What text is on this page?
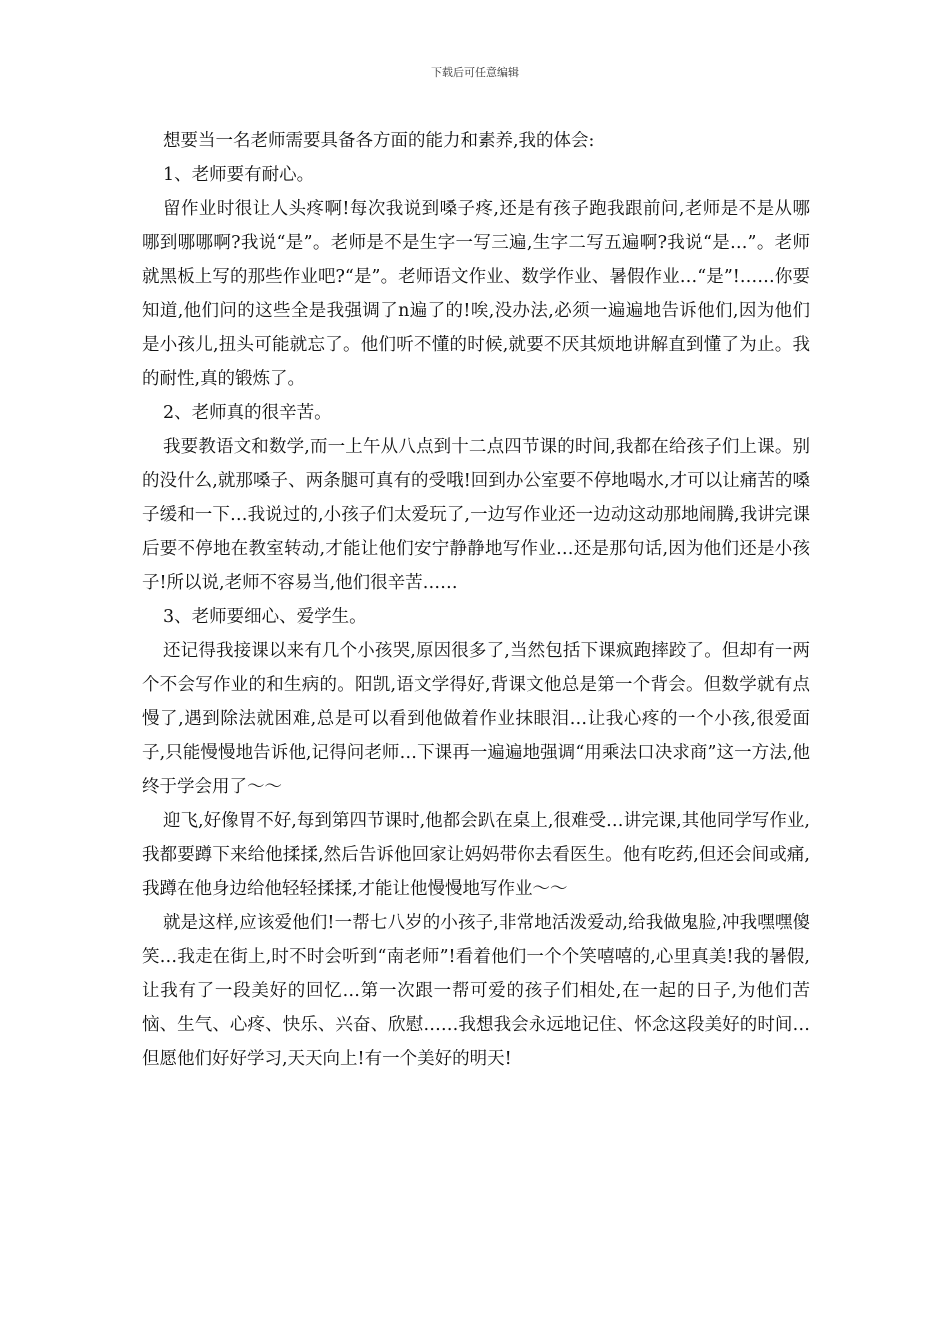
下载后可任意编辑

想要当一名老师需要具备各方面的能力和素养,我的体会:

1、老师要有耐心。

留作业时很让人头疼啊!每次我说到嗓子疼,还是有孩子跑我跟前问,老师是不是从哪哪到哪哪啊?我说“是”。老师是不是生字一写三遍,生字二写五遍啊?我说“是…”。老师就黑板上写的那些作业吧?“是”。老师语文作业、数学作业、暑假作业…“是”!……你要知道,他们问的这些全是我强调了n遍了的!唉,没办法,必须一遍遍地告诉他们,因为他们是小孩儿,扭头可能就忘了。他们听不懂的时候,就要不厌其烦地讲解直到懂了为止。我的耐性,真的锻炼了。

2、老师真的很辛苦。

我要教语文和数学,而一上午从八点到十二点四节课的时间,我都在给孩子们上课。别的没什么,就那嗓子、两条腿可真有的受哦!回到办公室要不停地喝水,才可以让痛苦的嗓子缓和一下…我说过的,小孩子们太爱玩了,一边写作业还一边动这动那地闹腾,我讲完课后要不停地在教室转动,才能让他们安宁静静地写作业…还是那句话,因为他们还是小孩子!所以说,老师不容易当,他们很辛苦……

3、老师要细心、爱学生。

还记得我接课以来有几个小孩哭,原因很多了,当然包括下课疯跑摔跤了。但却有一两个不会写作业的和生病的。阳凯,语文学得好,背课文他总是第一个背会。但数学就有点慢了,遇到除法就困难,总是可以看到他做着作业抹眼泪…让我心疼的一个小孩,很爱面子,只能慢慢地告诉他,记得问老师…下课再一遍遍地强调“用乘法口决求商”这一方法,他终于学会用了～～

迎飞,好像胃不好,每到第四节课时,他都会趴在桌上,很难受…讲完课,其他同学写作业,我都要蹲下来给他揉揉,然后告诉他回家让妈妈带你去看医生。他有吃药,但还会间或痛,我蹲在他身边给他轻轻揉揉,才能让他慢慢地写作业～～

就是这样,应该爱他们!一帮七八岁的小孩子,非常地活泼爱动,给我做鬼脸,冲我嘿嘿傻笑…我走在街上,时不时会听到“南老师”!看着他们一个个笑嘻嘻的,心里真美!我的暑假,让我有了一段美好的回忆…第一次跟一帮可爱的孩子们相处,在一起的日子,为他们苦恼、生气、心疼、快乐、兴奋、欣慰……我想我会永远地记住、怀念这段美好的时间…但愿他们好好学习,天天向上!有一个美好的明天!
